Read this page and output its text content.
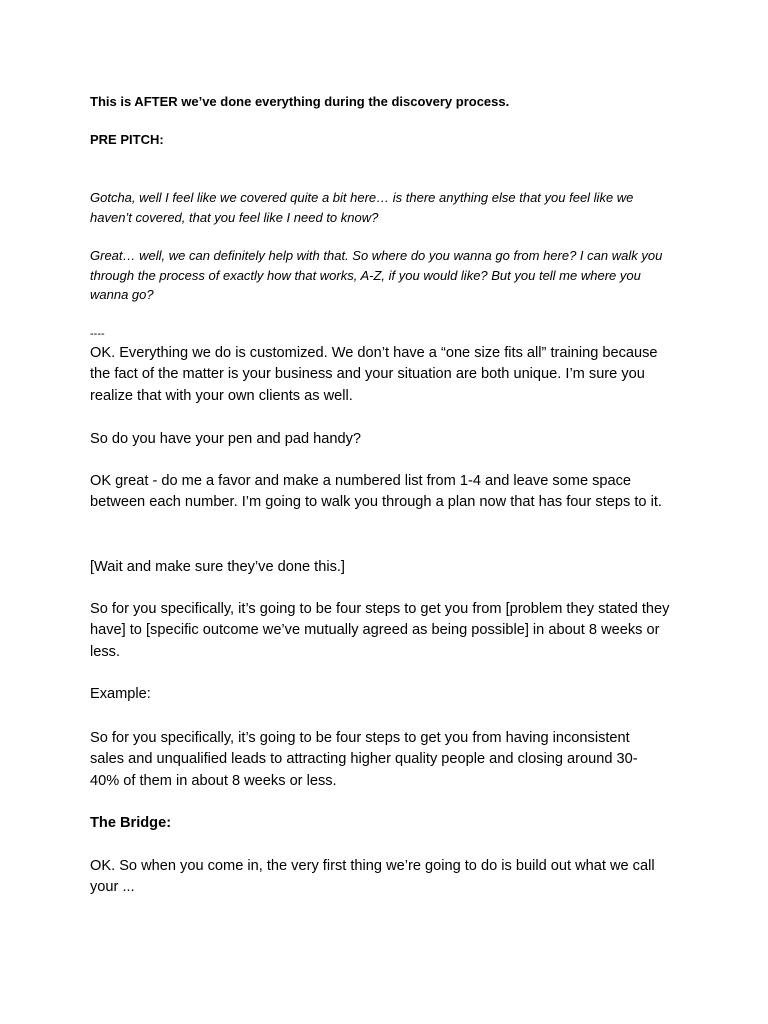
This is AFTER we’ve done everything during the discovery process.

PRE PITCH:

Gotcha, well I feel like we covered quite a bit here… is there anything else that you feel like we haven’t covered, that you feel like I need to know?

Great… well, we can definitely help with that. So where do you wanna go from here? I can walk you through the process of exactly how that works, A-Z, if you would like? But you tell me where you wanna go?

----

OK. Everything we do is customized. We don’t have a “one size fits all” training because the fact of the matter is your business and your situation are both unique. I’m sure you realize that with your own clients as well.

So do you have your pen and pad handy?

OK great - do me a favor and make a numbered list from 1-4 and leave some space between each number. I’m going to walk you through a plan now that has four steps to it.

[Wait and make sure they’ve done this.]

So for you specifically, it’s going to be four steps to get you from [problem they stated they have] to [specific outcome we’ve mutually agreed as being possible] in about 8 weeks or less.

Example:

So for you specifically, it’s going to be four steps to get you from having inconsistent sales and unqualified leads to attracting higher quality people and closing around 30-40% of them in about 8 weeks or less.

The Bridge:

OK. So when you come in, the very first thing we’re going to do is build out what we call your ...
